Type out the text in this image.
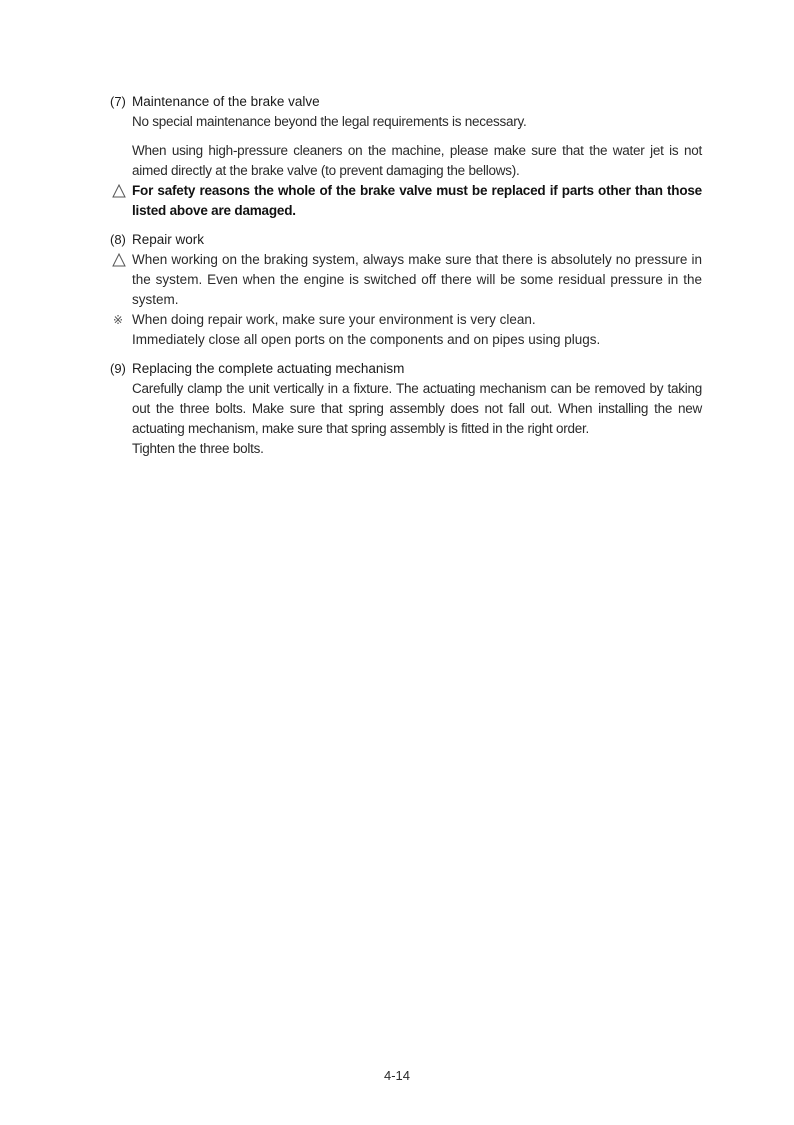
(7) Maintenance of the brake valve
No special maintenance beyond the legal requirements is necessary.
When using high-pressure cleaners on the machine, please make sure that the water jet is not aimed directly at the brake valve (to prevent damaging the bellows).
For safety reasons the whole of the brake valve must be replaced if parts other than those listed above are damaged.
(8) Repair work
When working on the braking system, always make sure that there is absolutely no pressure in the system. Even when the engine is switched off there will be some residual pressure in the system.
※ When doing repair work, make sure your environment is very clean.
Immediately close all open ports on the components and on pipes using plugs.
(9) Replacing the complete actuating mechanism
Carefully clamp the unit vertically in a fixture. The actuating mechanism can be removed by taking out the three bolts. Make sure that spring assembly does not fall out. When installing the new actuating mechanism, make sure that spring assembly is fitted in the right order.
Tighten the three bolts.
4-14
